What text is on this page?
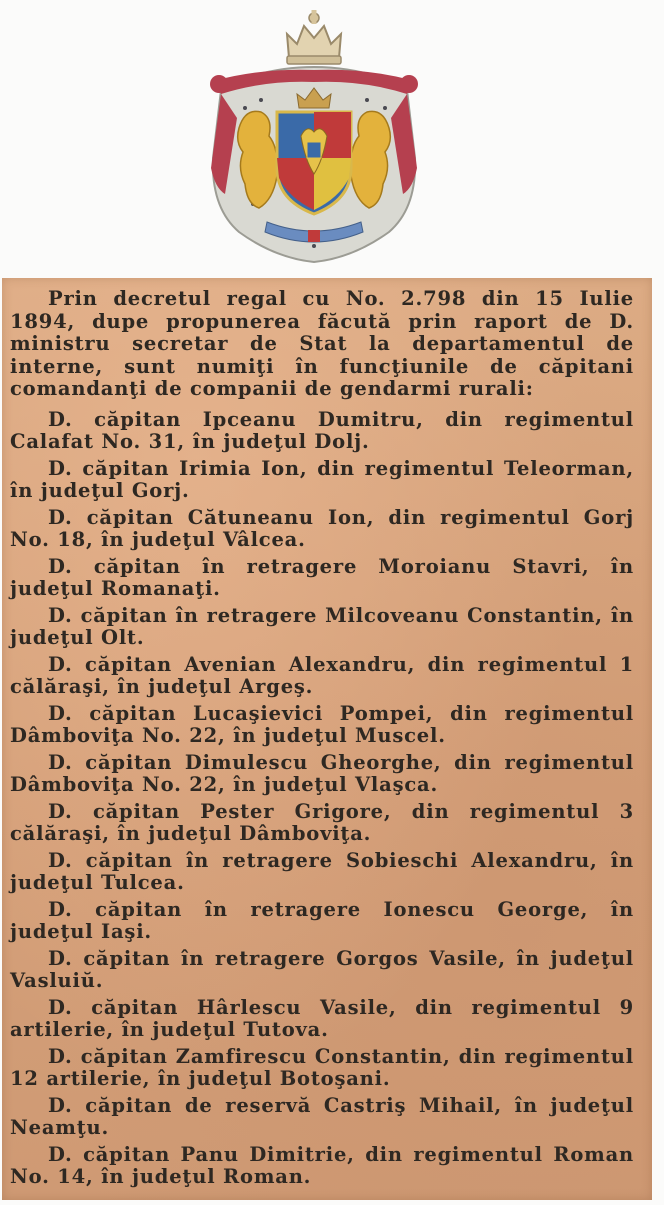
Prin decretul regal cu No. 2.798 din 15 Iulie 1894, dupe propunerea făcută prin raport de D. ministru secretar de Stat la departamentul de interne, sunt numiţi în funcţiunile de căpitani comandanţi de companii de gendarmi rurali:

D. căpitan Ipceanu Dumitru, din regimentul Calafat No. 31, în judeţul Dolj.

D. căpitan Irimia Ion, din regimentul Teleorman, în judeţul Gorj.

D. căpitan Cătuneanu Ion, din regimentul Gorj No. 18, în judeţul Vâlcea.

D. căpitan în retragere Moroianu Stavri, în judeţul Romanaţi.

D. căpitan în retragere Milcoveanu Constantin, în judeţul Olt.

D. căpitan Avenian Alexandru, din regimentul 1 călăraşi, în judeţul Argeş.

D. căpitan Lucaşievici Pompei, din regimentul Dâmboviţa No. 22, în judeţul Muscel.

D. căpitan Dimulescu Gheorghe, din regimentul Dâmboviţa No. 22, în judeţul Vlaşca.

D. căpitan Pester Grigore, din regimentul 3 călăraşi, în judeţul Dâmboviţa.

D. căpitan în retragere Sobieschi Alexandru, în judeţul Tulcea.

D. căpitan în retragere Ionescu George, în judeţul Iaşi.

D. căpitan în retragere Gorgos Vasile, în judeţul Vasluiŭ.

D. căpitan Hârlescu Vasile, din regimentul 9 artilerie, în judeţul Tutova.

D. căpitan Zamfirescu Constantin, din regimentul 12 artilerie, în judeţul Botoşani.

D. căpitan de reservă Castriş Mihail, în judeţul Neamţu.

D. căpitan Panu Dimitrie, din regimentul Roman No. 14, în judeţul Roman.
